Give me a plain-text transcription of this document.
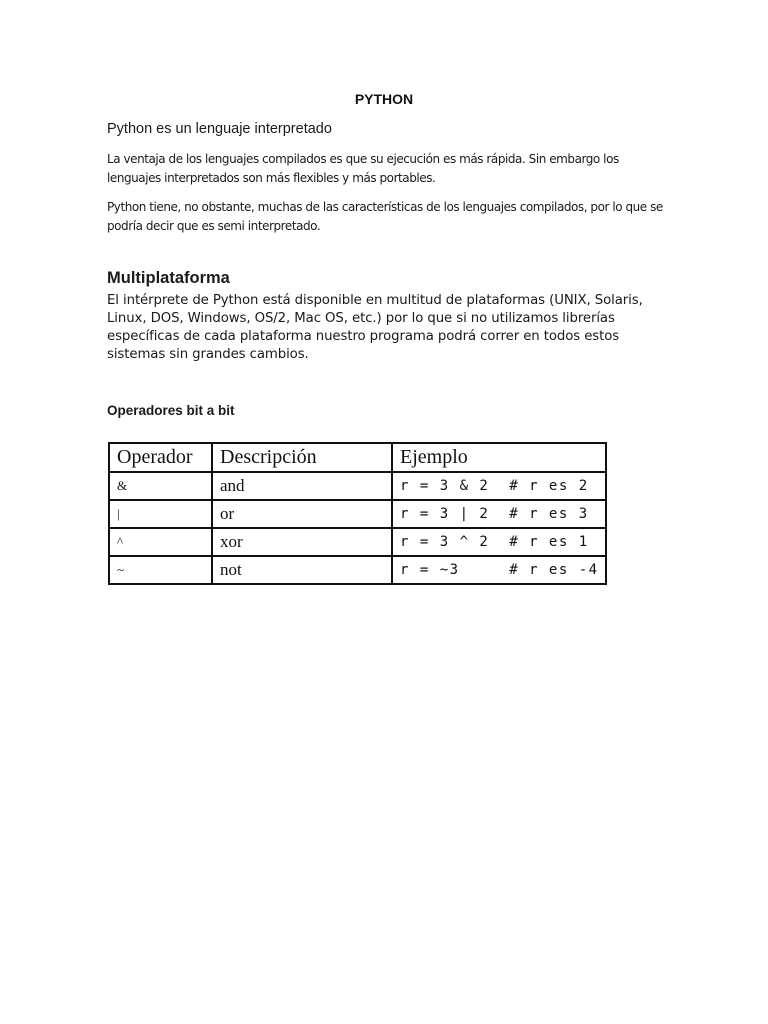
PYTHON
Python es un lenguaje interpretado
La ventaja de los lenguajes compilados es que su ejecución es más rápida. Sin embargo los lenguajes interpretados son más flexibles y más portables.
Python tiene, no obstante, muchas de las características de los lenguajes compilados, por lo que se podría decir que es semi interpretado.
Multiplataforma
El intérprete de Python está disponible en multitud de plataformas (UNIX, Solaris, Linux, DOS, Windows, OS/2, Mac OS, etc.) por lo que si no utilizamos librerías específicas de cada plataforma nuestro programa podrá correr en todos estos sistemas sin grandes cambios.
Operadores bit a bit
Operador	Descripción	Ejemplo
&	and	r = 3 & 2  # r es 2
|	or	r = 3 | 2  # r es 3
^	xor	r = 3 ^ 2  # r es 1
~	not	r = ~3     # r es -4
